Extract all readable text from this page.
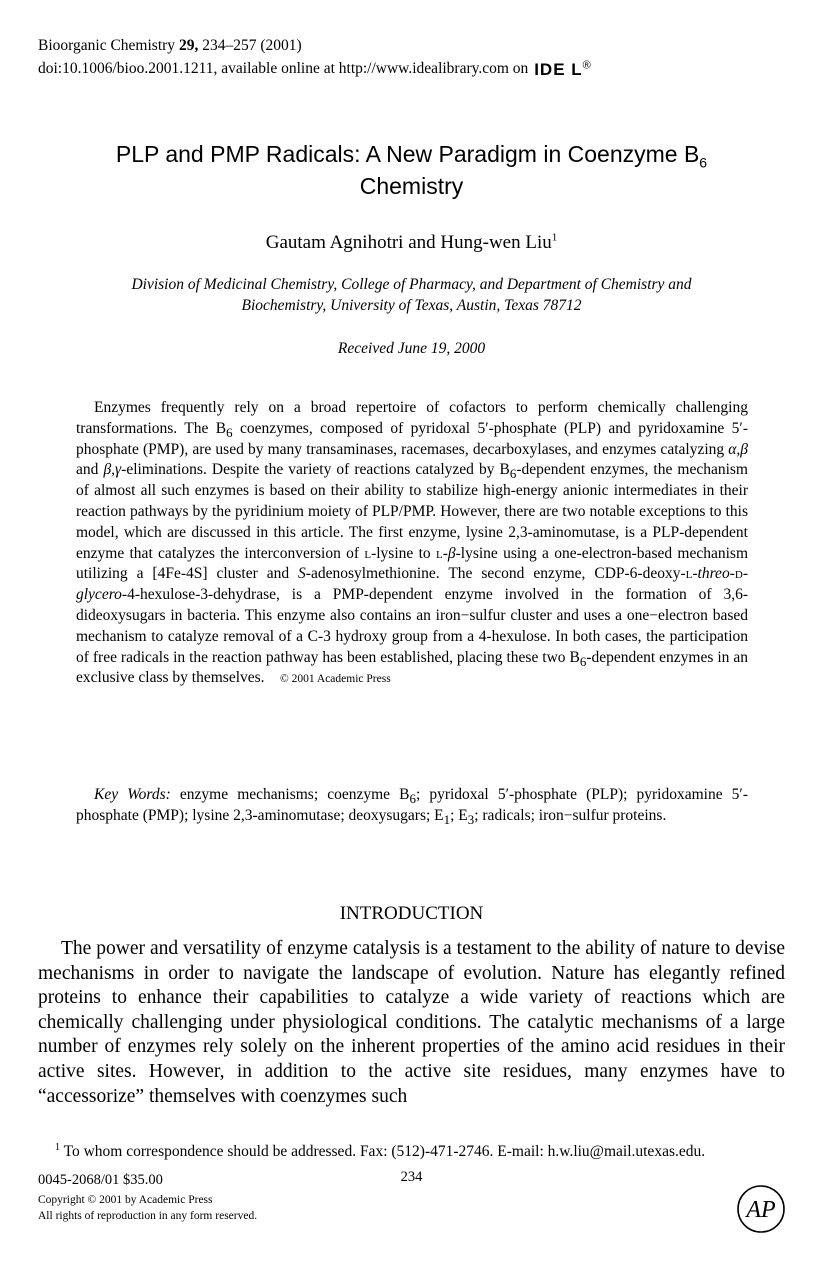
Bioorganic Chemistry 29, 234–257 (2001)
doi:10.1006/bioo.2001.1211, available online at http://www.idealibrary.com on IDE L®
PLP and PMP Radicals: A New Paradigm in Coenzyme $B_6$
Chemistry
Gautam Agnihotri and Hung-wen Liu$^1$
Division of Medicinal Chemistry, College of Pharmacy, and Department of Chemistry and
Biochemistry, University of Texas, Austin, Texas 78712
Received June 19, 2000
Enzymes frequently rely on a broad repertoire of cofactors to perform chemically challenging transformations. The $B_6$ coenzymes, composed of pyridoxal 5′-phosphate (PLP) and pyridoxamine 5′-phosphate (PMP), are used by many transaminases, racemases, decarboxylases, and enzymes catalyzing α,β and β,γ-eliminations. Despite the variety of reactions catalyzed by $B_6$-dependent enzymes, the mechanism of almost all such enzymes is based on their ability to stabilize high-energy anionic intermediates in their reaction pathways by the pyridinium moiety of PLP/PMP. However, there are two notable exceptions to this model, which are discussed in this article. The first enzyme, lysine 2,3-aminomutase, is a PLP-dependent enzyme that catalyzes the interconversion of l-lysine to l-β-lysine using a one-electron-based mechanism utilizing a [4Fe-4S] cluster and S-adenosylmethionine. The second enzyme, CDP-6-deoxy-l-threo-d-glycero-4-hexulose-3-dehydrase, is a PMP-dependent enzyme involved in the formation of 3,6-dideoxysugars in bacteria. This enzyme also contains an iron−sulfur cluster and uses a one−electron based mechanism to catalyze removal of a C-3 hydroxy group from a 4-hexulose. In both cases, the participation of free radicals in the reaction pathway has been established, placing these two $B_6$-dependent enzymes in an exclusive class by themselves. © 2001 Academic Press
Key Words: enzyme mechanisms; coenzyme $B_6$; pyridoxal 5′-phosphate (PLP); pyridoxamine 5′-phosphate (PMP); lysine 2,3-aminomutase; deoxysugars; $E_1$; $E_3$; radicals; iron−sulfur proteins.
INTRODUCTION
The power and versatility of enzyme catalysis is a testament to the ability of nature to devise mechanisms in order to navigate the landscape of evolution. Nature has elegantly refined proteins to enhance their capabilities to catalyze a wide variety of reactions which are chemically challenging under physiological conditions. The catalytic mechanisms of a large number of enzymes rely solely on the inherent properties of the amino acid residues in their active sites. However, in addition to the active site residues, many enzymes have to “accessorize” themselves with coenzymes such
$^1$ To whom correspondence should be addressed. Fax: (512)-471-2746. E-mail: h.w.liu@mail.utexas.edu.
0045-2068/01 $35.00	234
Copyright © 2001 by Academic Press
All rights of reproduction in any form reserved.	AP
